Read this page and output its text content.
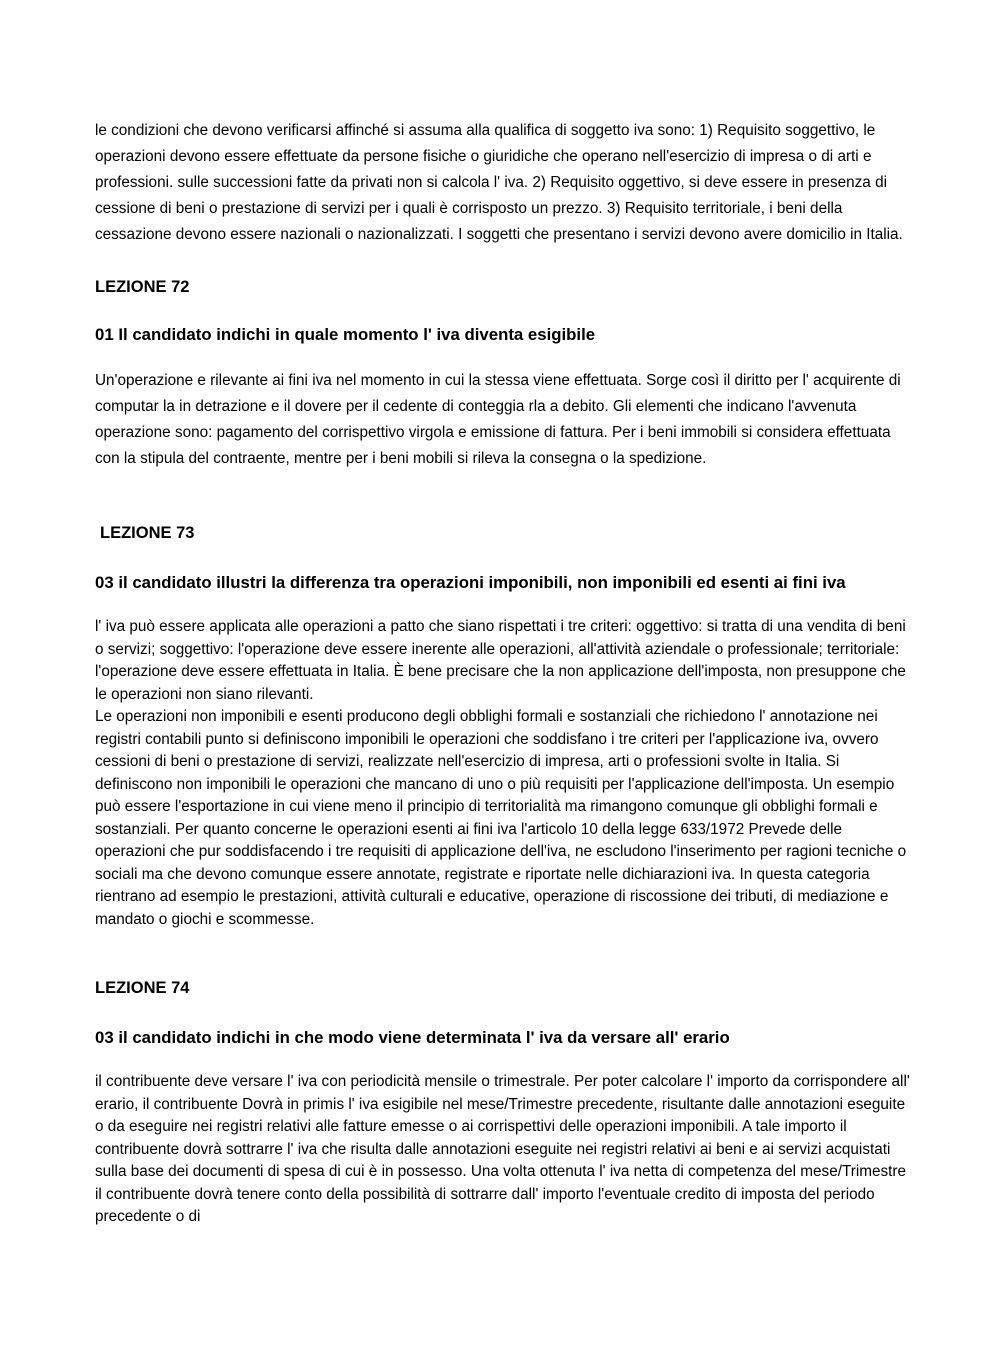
le condizioni che devono verificarsi affinché si assuma alla qualifica di soggetto iva sono: 1) Requisito soggettivo, le operazioni devono essere effettuate da persone fisiche o giuridiche che operano nell'esercizio di impresa o di arti e professioni. sulle successioni fatte da privati non si calcola l' iva. 2) Requisito oggettivo, si deve essere in presenza di cessione di beni o prestazione di servizi per i quali è corrisposto un prezzo. 3) Requisito territoriale, i beni della cessazione devono essere nazionali o nazionalizzati. I soggetti che presentano i servizi devono avere domicilio in Italia.

LEZIONE 72

01 Il candidato indichi in quale momento l' iva diventa esigibile

Un'operazione e rilevante ai fini iva nel momento in cui la stessa viene effettuata. Sorge così il diritto per l' acquirente di computar la in detrazione e il dovere per il cedente di conteggia rla a debito. Gli elementi che indicano l'avvenuta operazione sono: pagamento del corrispettivo virgola e emissione di fattura. Per i beni immobili si considera effettuata con la stipula del contraente, mentre per i beni mobili si rileva la consegna o la spedizione.

LEZIONE 73

03 il candidato illustri la differenza tra operazioni imponibili, non imponibili ed esenti ai fini iva

l' iva può essere applicata alle operazioni a patto che siano rispettati i tre criteri: oggettivo: si tratta di una vendita di beni o servizi; soggettivo: l'operazione deve essere inerente alle operazioni, all'attività aziendale o professionale; territoriale: l'operazione deve essere effettuata in Italia. È bene precisare che la non applicazione dell'imposta, non presuppone che le operazioni non siano rilevanti.

Le operazioni non imponibili e esenti producono degli obblighi formali e sostanziali che richiedono l' annotazione nei registri contabili punto si definiscono imponibili le operazioni che soddisfano i tre criteri per l'applicazione iva, ovvero cessioni di beni o prestazione di servizi, realizzate nell'esercizio di impresa, arti o professioni svolte in Italia. Si definiscono non imponibili le operazioni che mancano di uno o più requisiti per l'applicazione dell'imposta. Un esempio può essere l'esportazione in cui viene meno il principio di territorialità ma rimangono comunque gli obblighi formali e sostanziali. Per quanto concerne le operazioni esenti ai fini iva l'articolo 10 della legge 633/1972 Prevede delle operazioni che pur soddisfacendo i tre requisiti di applicazione dell'iva, ne escludono l'inserimento per ragioni tecniche o sociali ma che devono comunque essere annotate, registrate e riportate nelle dichiarazioni iva. In questa categoria rientrano ad esempio le prestazioni, attività culturali e educative, operazione di riscossione dei tributi, di mediazione e mandato o giochi e scommesse.

LEZIONE 74

03 il candidato indichi in che modo viene determinata l' iva da versare all' erario

il contribuente deve versare l' iva con periodicità mensile o trimestrale. Per poter calcolare l' importo da corrispondere all' erario, il contribuente Dovrà in primis l' iva esigibile nel mese/Trimestre precedente, risultante dalle annotazioni eseguite o da eseguire nei registri relativi alle fatture emesse o ai corrispettivi delle operazioni imponibili. A tale importo il contribuente dovrà sottrarre l' iva che risulta dalle annotazioni eseguite nei registri relativi ai beni e ai servizi acquistati sulla base dei documenti di spesa di cui è in possesso. Una volta ottenuta l' iva netta di competenza del mese/Trimestre il contribuente dovrà tenere conto della possibilità di sottrarre dall' importo l'eventuale credito di imposta del periodo precedente o di
